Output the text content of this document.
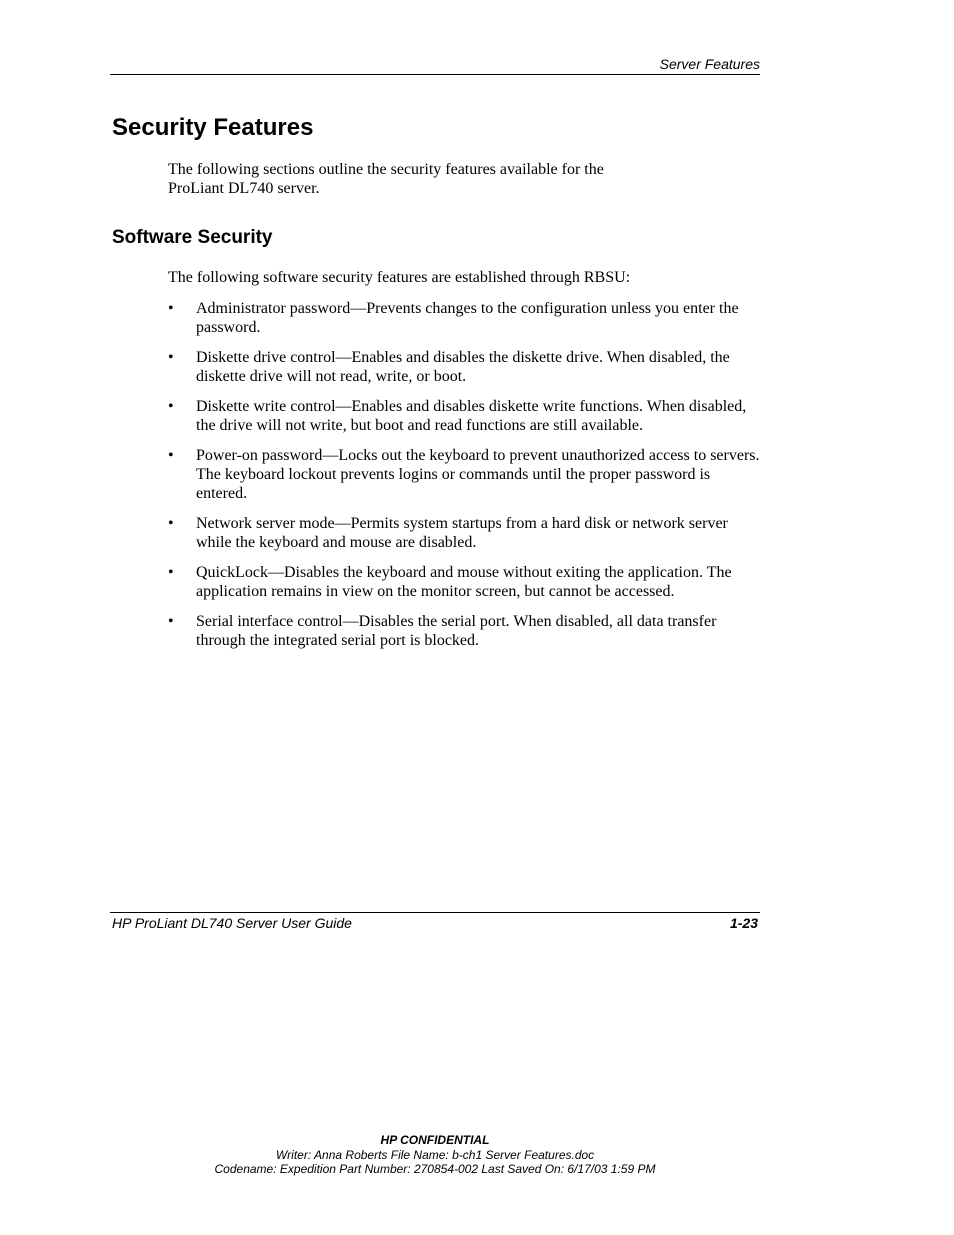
Server Features
Security Features

The following sections outline the security features available for the ProLiant DL740 server.

Software Security

The following software security features are established through RBSU:

• Administrator password—Prevents changes to the configuration unless you enter the password.
• Diskette drive control—Enables and disables the diskette drive. When disabled, the diskette drive will not read, write, or boot.
• Diskette write control—Enables and disables diskette write functions. When disabled, the drive will not write, but boot and read functions are still available.
• Power-on password—Locks out the keyboard to prevent unauthorized access to servers. The keyboard lockout prevents logins or commands until the proper password is entered.
• Network server mode—Permits system startups from a hard disk or network server while the keyboard and mouse are disabled.
• QuickLock—Disables the keyboard and mouse without exiting the application. The application remains in view on the monitor screen, but cannot be accessed.
• Serial interface control—Disables the serial port. When disabled, all data transfer through the integrated serial port is blocked.
HP ProLiant DL740 Server User Guide	1-23
HP CONFIDENTIAL
Writer: Anna Roberts File Name: b-ch1 Server Features.doc
Codename: Expedition Part Number: 270854-002 Last Saved On: 6/17/03 1:59 PM
